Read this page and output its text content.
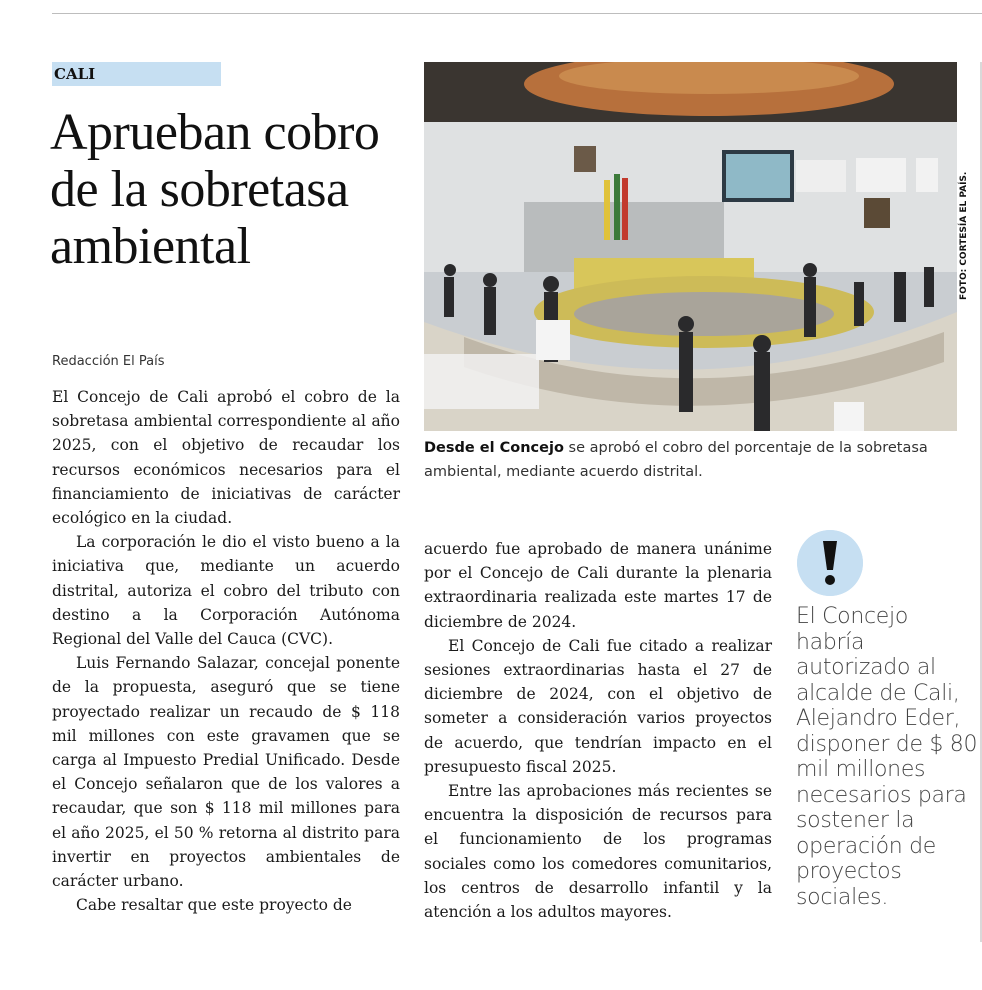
CALI
Aprueban cobro de la sobretasa ambiental
Redacción El País

El Concejo de Cali aprobó el cobro de la sobretasa ambiental correspondiente al año 2025, con el objetivo de recaudar los recursos económicos necesarios para el financiamiento de iniciativas de carácter ecológico en la ciudad.

La corporación le dio el visto bueno a la iniciativa que, mediante un acuerdo distrital, autoriza el cobro del tributo con destino a la Corporación Autónoma Regional del Valle del Cauca (CVC).

Luis Fernando Salazar, concejal ponente de la propuesta, aseguró que se tiene proyectado realizar un recaudo de $ 118 mil millones con este gravamen que se carga al Impuesto Predial Unificado. Desde el Concejo señalaron que de los valores a recaudar, que son $ 118 mil millones para el año 2025, el 50 % retorna al distrito para invertir en proyectos ambientales de carácter urbano.

Cabe resaltar que este proyecto de

FOTO: CORTESÍA EL PAÍS.
Desde el Concejo se aprobó el cobro del porcentaje de la sobretasa ambiental, mediante acuerdo distrital.

acuerdo fue aprobado de manera unánime por el Concejo de Cali durante la plenaria extraordinaria realizada este martes 17 de diciembre de 2024.

El Concejo de Cali fue citado a realizar sesiones extraordinarias hasta el 27 de diciembre de 2024, con el objetivo de someter a consideración varios proyectos de acuerdo, que tendrían impacto en el presupuesto fiscal 2025.

Entre las aprobaciones más recientes se encuentra la disposición de recursos para el funcionamiento de los programas sociales como los comedores comunitarios, los centros de desarrollo infantil y la atención a los adultos mayores.

El Concejo habría autorizado al alcalde de Cali, Alejandro Eder, disponer de $ 80 mil millones necesarios para sostener la operación de proyectos sociales.
